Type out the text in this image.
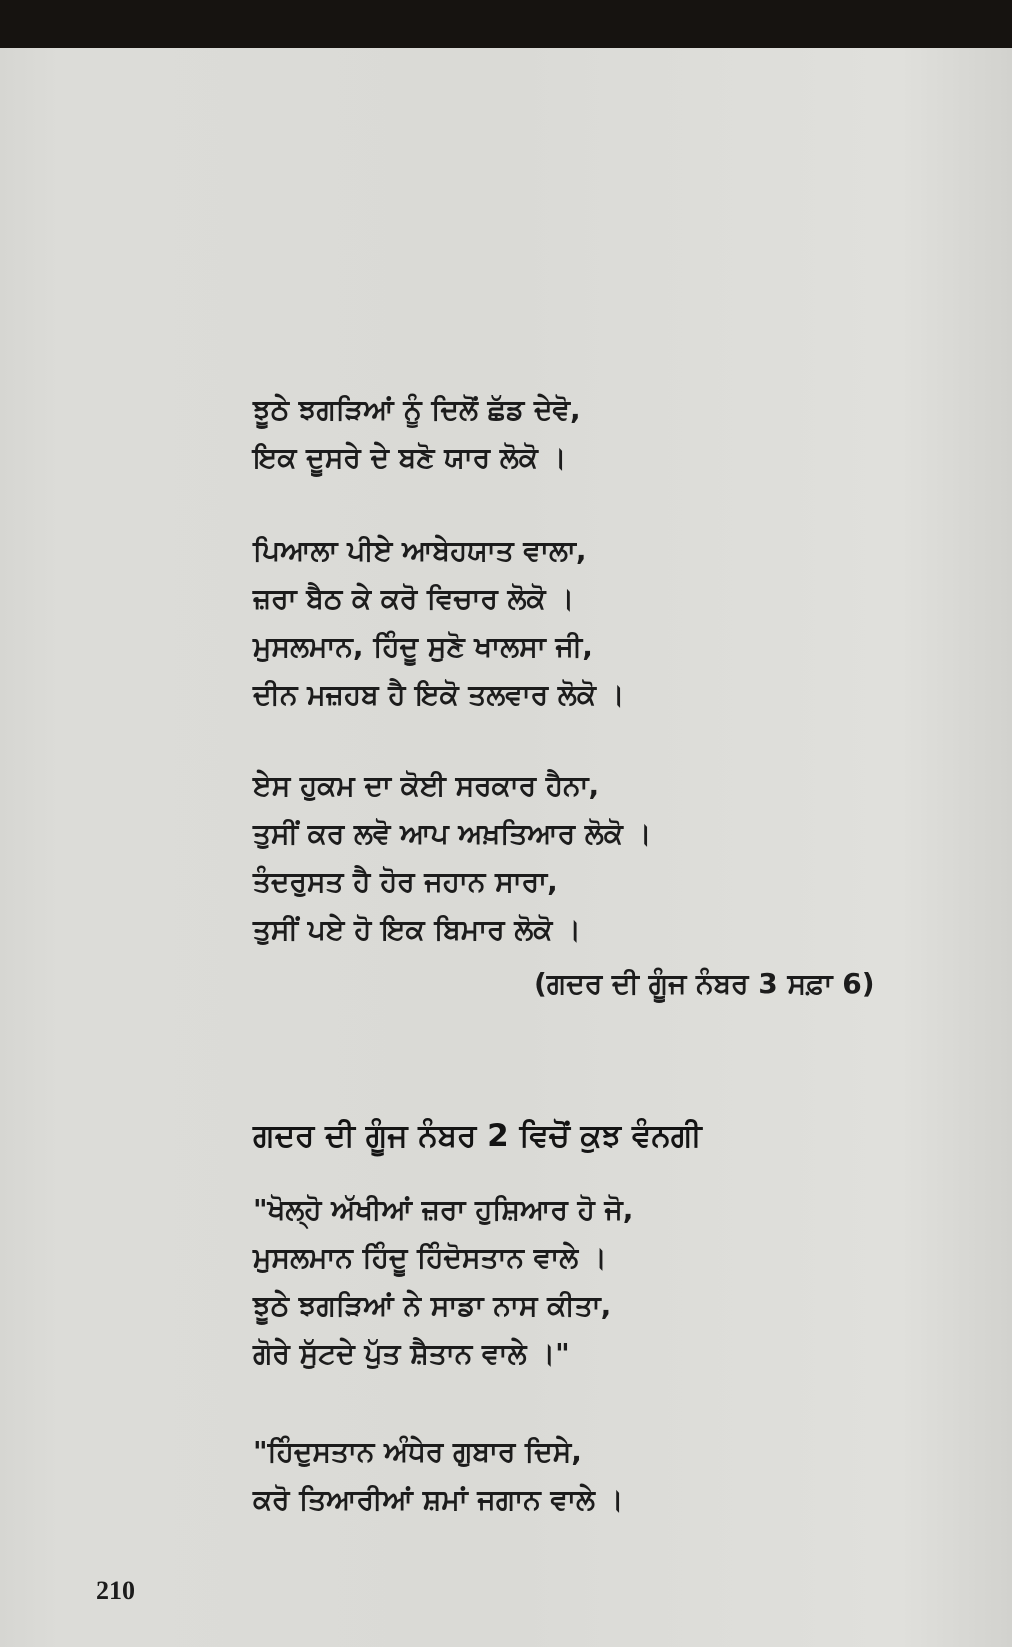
ਝੂਠੇ ਝਗੜਿਆਂ ਨੂੰ ਦਿਲੋਂ ਛੱਡ ਦੇਵੋ,
ਇਕ ਦੂਸਰੇ ਦੇ ਬਣੋ ਯਾਰ ਲੋਕੋ ।
ਪਿਆਲਾ ਪੀਏ ਆਬੇਹਯਾਤ ਵਾਲਾ,
ਜ਼ਰਾ ਬੈਠ ਕੇ ਕਰੋ ਵਿਚਾਰ ਲੋਕੋ ।
ਮੁਸਲਮਾਨ, ਹਿੰਦੂ ਸੁਣੋ ਖਾਲਸਾ ਜੀ,
ਦੀਨ ਮਜ਼ਹਬ ਹੈ ਇਕੋ ਤਲਵਾਰ ਲੋਕੋ ।
ਏਸ ਹੁਕਮ ਦਾ ਕੋਈ ਸਰਕਾਰ ਹੈਨਾ,
ਤੁਸੀਂ ਕਰ ਲਵੋ ਆਪ ਅਖ਼ਤਿਆਰ ਲੋਕੋ ।
ਤੰਦਰੁਸਤ ਹੈ ਹੋਰ ਜਹਾਨ ਸਾਰਾ,
ਤੁਸੀਂ ਪਏ ਹੋ ਇਕ ਬਿਮਾਰ ਲੋਕੋ ।
(ਗਦਰ ਦੀ ਗੂੰਜ ਨੰਬਰ 3 ਸਫ਼ਾ 6)
ਗਦਰ ਦੀ ਗੂੰਜ ਨੰਬਰ 2 ਵਿਚੋਂ ਕੁਝ ਵੰਨਗੀ
"ਖੋਲ੍ਹੋ ਅੱਖੀਆਂ ਜ਼ਰਾ ਹੁਸ਼ਿਆਰ ਹੋ ਜੋ,
ਮੁਸਲਮਾਨ ਹਿੰਦੂ ਹਿੰਦੋਸਤਾਨ ਵਾਲੇ ।
ਝੂਠੇ ਝਗੜਿਆਂ ਨੇ ਸਾਡਾ ਨਾਸ ਕੀਤਾ,
ਗੋਰੇ ਸੁੱਟਦੇ ਪੁੱਤ ਸ਼ੈਤਾਨ ਵਾਲੇ ।"
"ਹਿੰਦੁਸਤਾਨ ਅੰਧੇਰ ਗੁਬਾਰ ਦਿਸੇ,
ਕਰੋ ਤਿਆਰੀਆਂ ਸ਼ਮਾਂ ਜਗਾਨ ਵਾਲੇ ।
210
